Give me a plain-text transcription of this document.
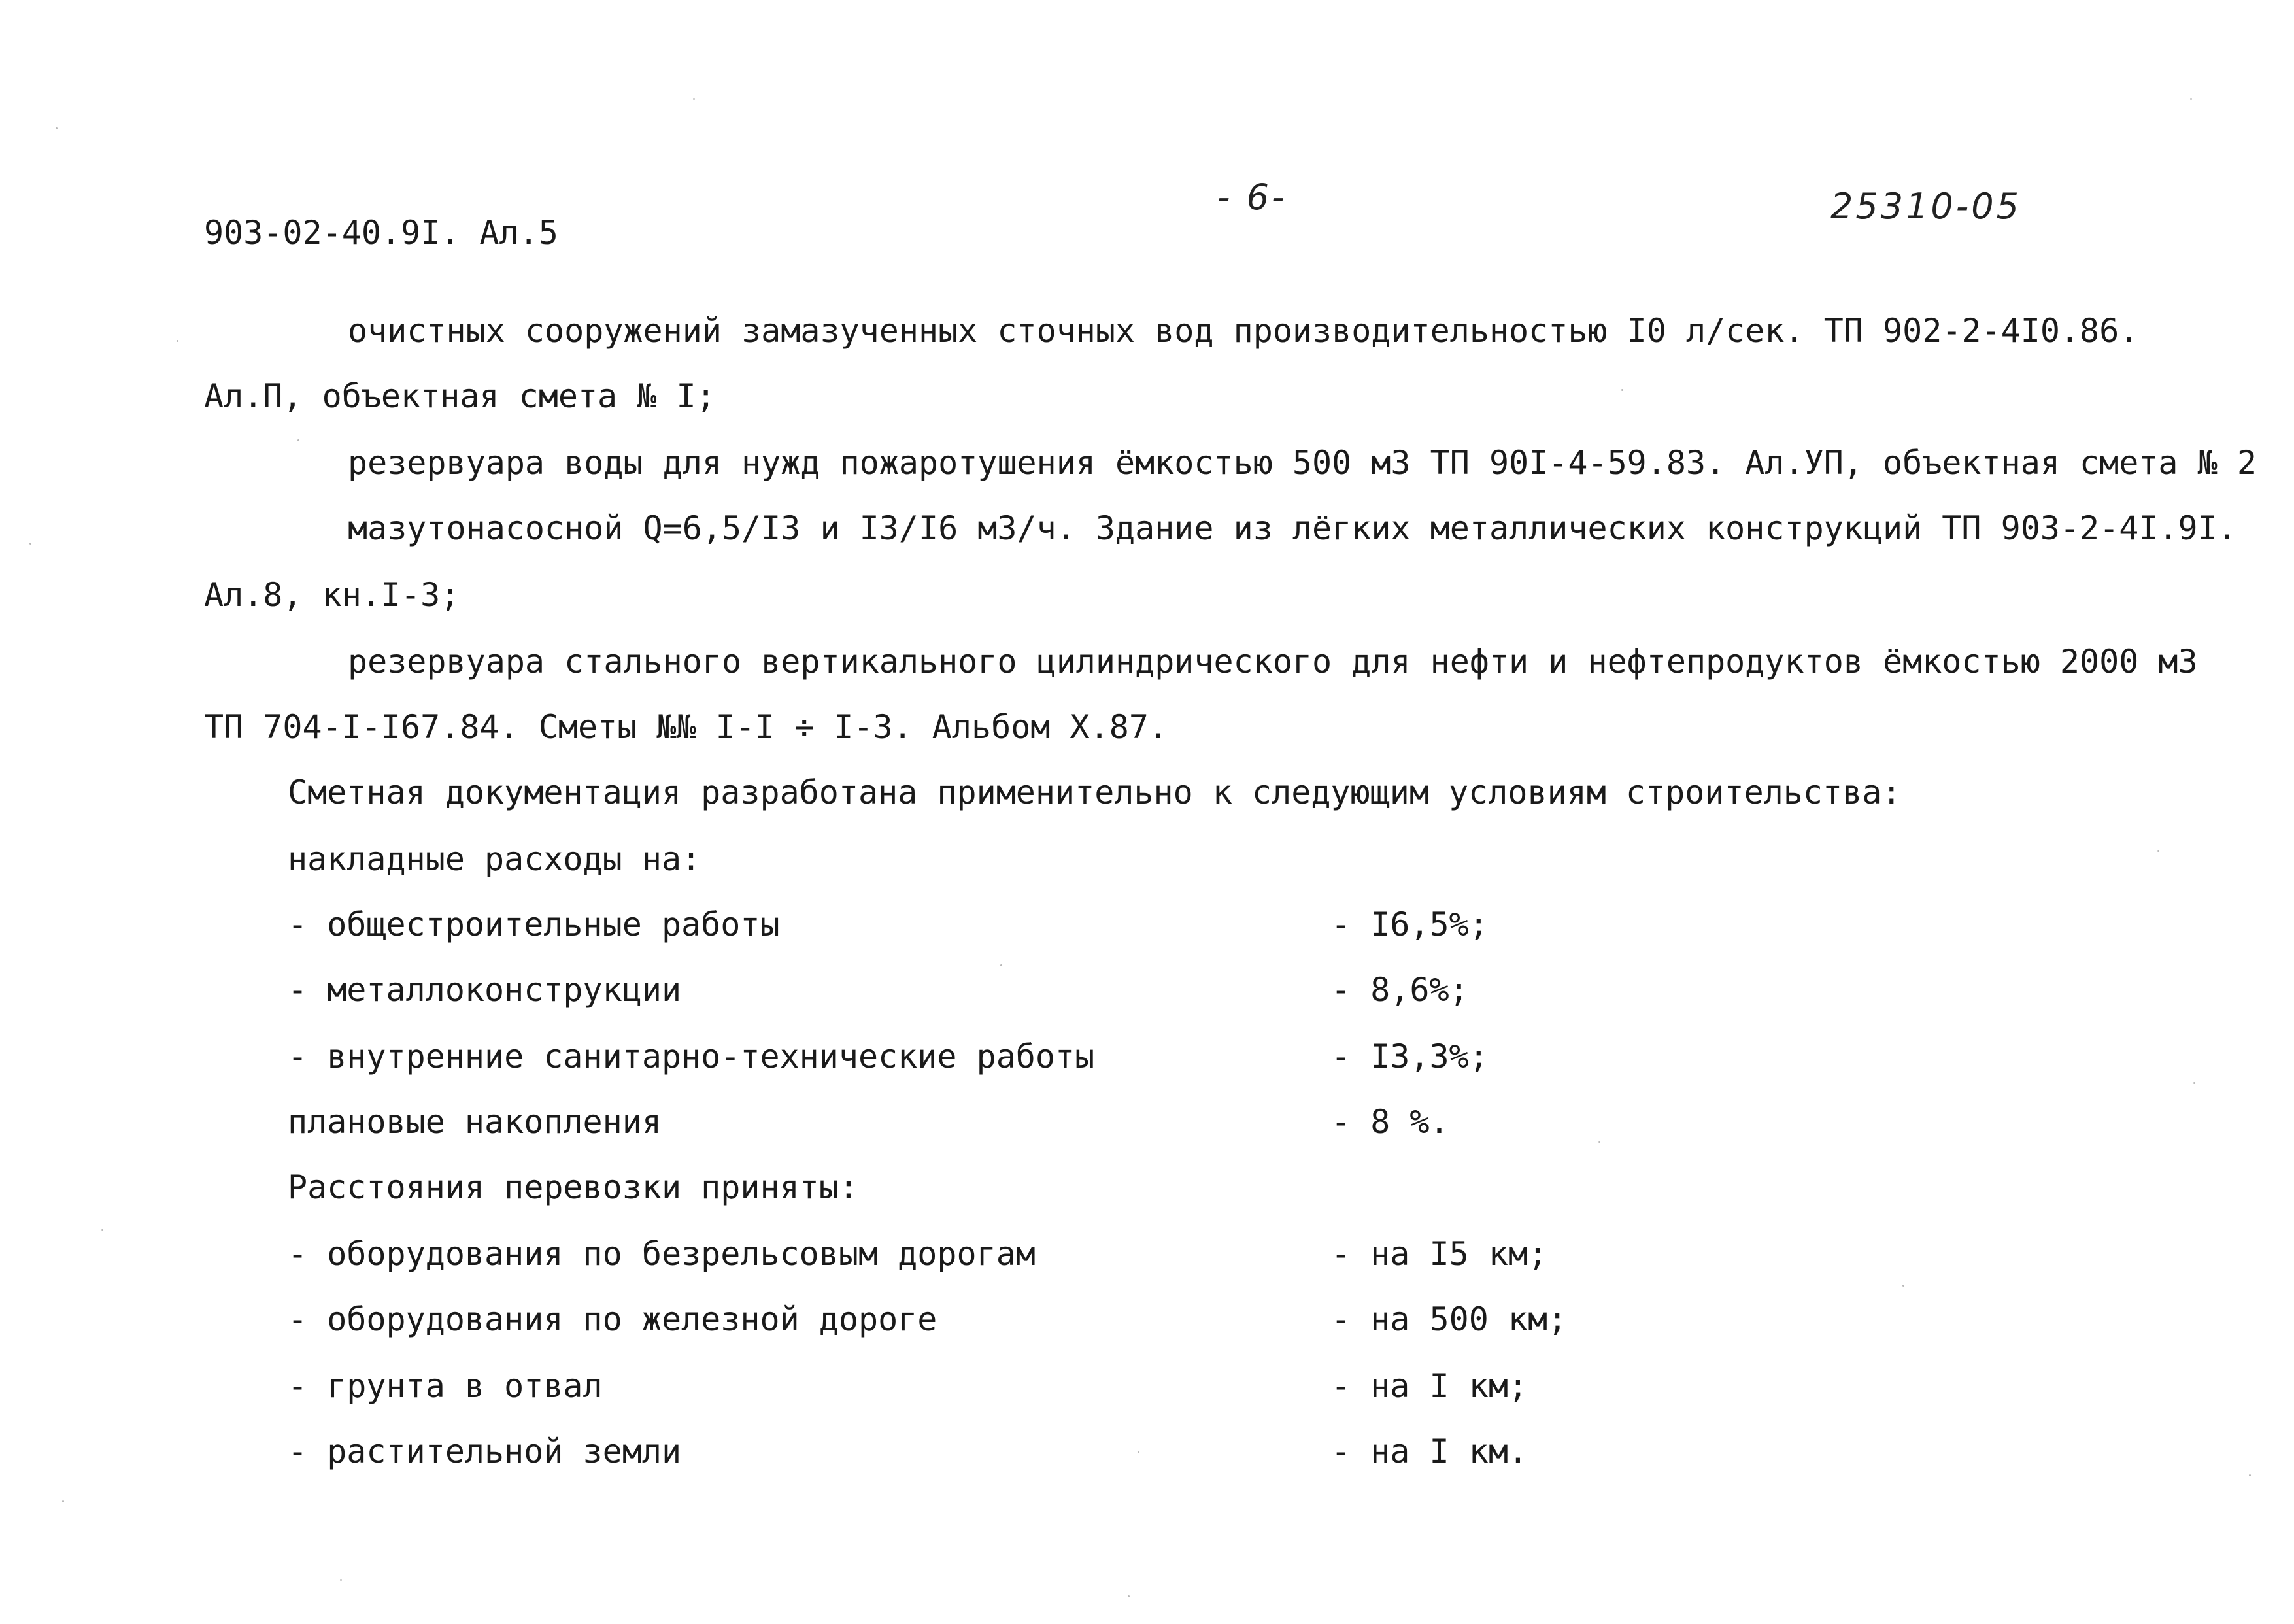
903-02-40.9I. Ал.5
- 6-	25310-05
очистных сооружений замазученных сточных вод производительностью I0 л/сек. ТП 902-2-4I0.86.
Ал.П, объектная смета № I;
резервуара воды для нужд пожаротушения ёмкостью 500 м3 ТП 90I-4-59.83. Ал.УП, объектная смета № 2
мазутонасосной Q=6,5/I3 и I3/I6 м3/ч. Здание из лёгких металлических конструкций ТП 903-2-4I.9I.
Ал.8, кн.I-3;
резервуара стального вертикального цилиндрического для нефти и нефтепродуктов ёмкостью 2000 м3
ТП 704-I-I67.84. Сметы №№ I-I ÷ I-3. Альбом X.87.
Сметная документация разработана применительно к следующим условиям строительства:
накладные расходы на:
- общестроительные работы	- I6,5%;
- металлоконструкции	- 8,6%;
- внутренние санитарно-технические работы	- I3,3%;
плановые накопления	- 8 %.
Расстояния перевозки приняты:
- оборудования по безрельсовым дорогам	- на I5 км;
- оборудования по железной дороге	- на 500 км;
- грунта в отвал	- на I км;
- растительной земли	- на I км.
